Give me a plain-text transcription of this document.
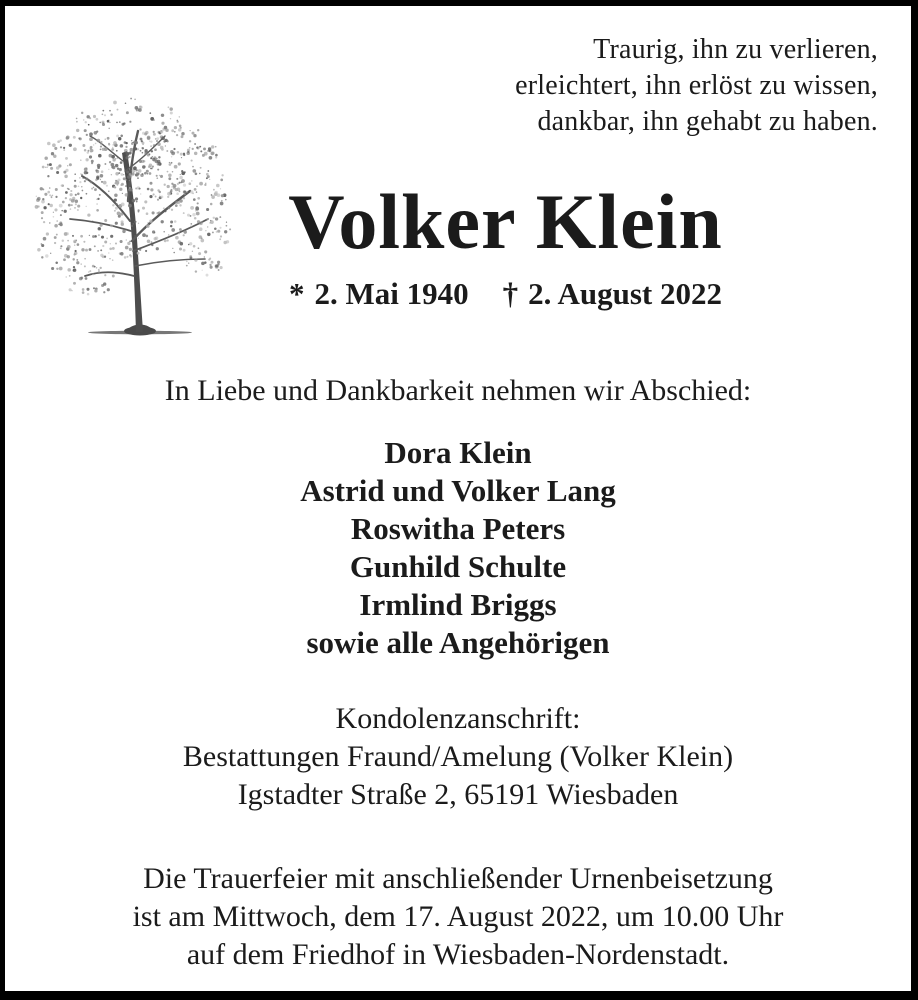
Traurig, ihn zu verlieren,
erleichtert, ihn erlöst zu wissen,
dankbar, ihn gehabt zu haben.
Volker Klein
* 2. Mai 1940 † 2. August 2022
In Liebe und Dankbarkeit nehmen wir Abschied:
Dora Klein
Astrid und Volker Lang
Roswitha Peters
Gunhild Schulte
Irmlind Briggs
sowie alle Angehörigen
Kondolenzanschrift:
Bestattungen Fraund/Amelung (Volker Klein)
Igstadter Straße 2, 65191 Wiesbaden
Die Trauerfeier mit anschließender Urnenbeisetzung
ist am Mittwoch, dem 17. August 2022, um 10.00 Uhr
auf dem Friedhof in Wiesbaden-Nordenstadt.
